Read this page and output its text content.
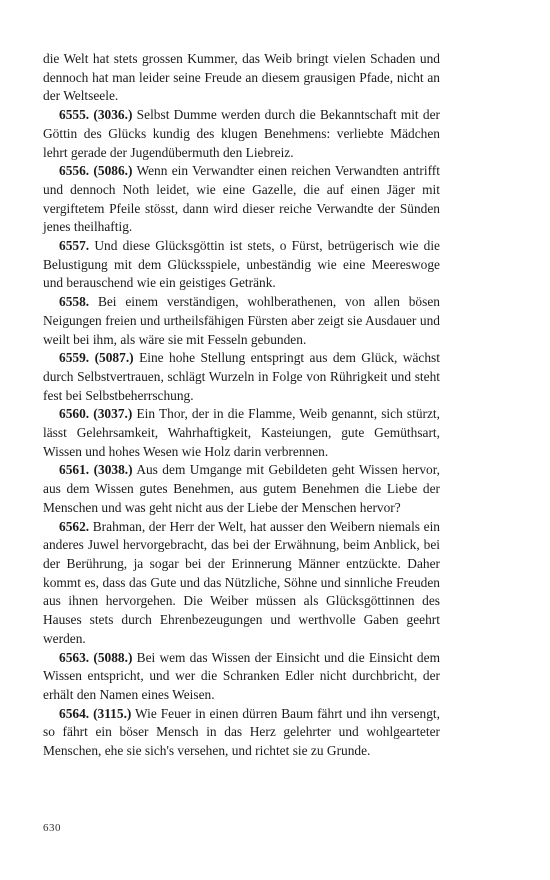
die Welt hat stets grossen Kummer, das Weib bringt vielen Schaden und dennoch hat man leider seine Freude an diesem grausigen Pfade, nicht an der Weltseele.

6555. (3036.) Selbst Dumme werden durch die Bekanntschaft mit der Göttin des Glücks kundig des klugen Benehmens: verliebte Mädchen lehrt gerade der Jugendübermuth den Liebreiz.

6556. (5086.) Wenn ein Verwandter einen reichen Verwandten antrifft und dennoch Noth leidet, wie eine Gazelle, die auf einen Jäger mit vergiftetem Pfeile stösst, dann wird dieser reiche Verwandte der Sünden jenes theilhaftig.

6557. Und diese Glücksgöttin ist stets, o Fürst, betrügerisch wie die Belustigung mit dem Glücksspiele, unbeständig wie eine Meereswoge und berauschend wie ein geistiges Getränk.

6558. Bei einem verständigen, wohlberathenen, von allen bösen Neigungen freien und urtheilsfähigen Fürsten aber zeigt sie Ausdauer und weilt bei ihm, als wäre sie mit Fesseln gebunden.

6559. (5087.) Eine hohe Stellung entspringt aus dem Glück, wächst durch Selbstvertrauen, schlägt Wurzeln in Folge von Rührigkeit und steht fest bei Selbstbeherrschung.

6560. (3037.) Ein Thor, der in die Flamme, Weib genannt, sich stürzt, lässt Gelehrsamkeit, Wahrhaftigkeit, Kasteiungen, gute Gemüthsart, Wissen und hohes Wesen wie Holz darin verbrennen.

6561. (3038.) Aus dem Umgange mit Gebildeten geht Wissen hervor, aus dem Wissen gutes Benehmen, aus gutem Benehmen die Liebe der Menschen und was geht nicht aus der Liebe der Menschen hervor?

6562. Brahman, der Herr der Welt, hat ausser den Weibern niemals ein anderes Juwel hervorgebracht, das bei der Erwähnung, beim Anblick, bei der Berührung, ja sogar bei der Erinnerung Männer entzückte. Daher kommt es, dass das Gute und das Nützliche, Söhne und sinnliche Freuden aus ihnen hervorgehen. Die Weiber müssen als Glücksgöttinnen des Hauses stets durch Ehrenbezeugungen und werthvolle Gaben geehrt werden.

6563. (5088.) Bei wem das Wissen der Einsicht und die Einsicht dem Wissen entspricht, und wer die Schranken Edler nicht durchbricht, der erhält den Namen eines Weisen.

6564. (3115.) Wie Feuer in einen dürren Baum fährt und ihn versengt, so fährt ein böser Mensch in das Herz gelehrter und wohlgearteter Menschen, ehe sie sich's versehen, und richtet sie zu Grunde.

630
